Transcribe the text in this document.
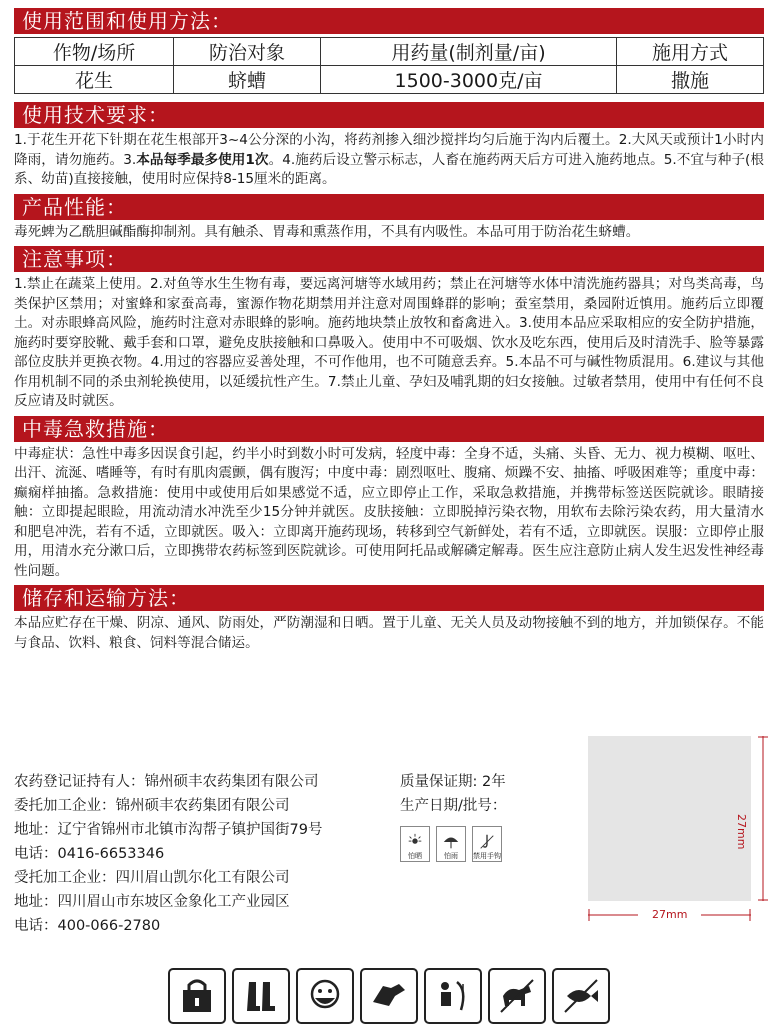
使用范围和使用方法：
作物/场所	防治对象	用药量(制剂量/亩)	施用方式
花生	蛴螬	1500-3000克/亩	撒施
使用技术要求：
1.于花生开花下针期在花生根部开3~4公分深的小沟，将药剂掺入细沙搅拌均匀后施于沟内后覆土。2.大风天或预计1小时内降雨，请勿施药。3.本品每季最多使用1次。4.施药后设立警示标志，人畜在施药两天后方可进入施药地点。5.不宜与种子(根系、幼苗)直接接触，使用时应保持8-15厘米的距离。
产品性能：
毒死蜱为乙酰胆碱酯酶抑制剂。具有触杀、胃毒和熏蒸作用，不具有内吸性。本品可用于防治花生蛴螬。
注意事项：
1.禁止在蔬菜上使用。2.对鱼等水生生物有毒，要远离河塘等水域用药；禁止在河塘等水体中清洗施药器具；对鸟类高毒，鸟类保护区禁用；对蜜蜂和家蚕高毒，蜜源作物花期禁用并注意对周围蜂群的影响；蚕室禁用，桑园附近慎用。施药后立即覆土。对赤眼蜂高风险，施药时注意对赤眼蜂的影响。施药地块禁止放牧和畜禽进入。3.使用本品应采取相应的安全防护措施，施药时要穿胶靴、戴手套和口罩，避免皮肤接触和口鼻吸入。使用中不可吸烟、饮水及吃东西，使用后及时清洗手、脸等暴露部位皮肤并更换衣物。4.用过的容器应妥善处理，不可作他用，也不可随意丢弃。5.本品不可与碱性物质混用。6.建议与其他作用机制不同的杀虫剂轮换使用，以延缓抗性产生。7.禁止儿童、孕妇及哺乳期的妇女接触。过敏者禁用，使用中有任何不良反应请及时就医。
中毒急救措施：
中毒症状：急性中毒多因误食引起，约半小时到数小时可发病，轻度中毒：全身不适，头痛、头昏、无力、视力模糊、呕吐、出汗、流涎、嗜睡等，有时有肌肉震颤，偶有腹泻；中度中毒：剧烈呕吐、腹痛、烦躁不安、抽搐、呼吸困难等；重度中毒：癫痫样抽搐。急救措施：使用中或使用后如果感觉不适，应立即停止工作，采取急救措施，并携带标签送医院就诊。眼睛接触：立即提起眼睑，用流动清水冲洗至少15分钟并就医。皮肤接触：立即脱掉污染衣物，用软布去除污染农药，用大量清水和肥皂冲洗，若有不适，立即就医。吸入：立即离开施药现场，转移到空气新鲜处，若有不适，立即就医。误服：立即停止服用，用清水充分漱口后，立即携带农药标签到医院就诊。可使用阿托品或解磷定解毒。医生应注意防止病人发生迟发性神经毒性问题。
储存和运输方法：
本品应贮存在干燥、阴凉、通风、防雨处，严防潮湿和日晒。置于儿童、无关人员及动物接触不到的地方，并加锁保存。不能与食品、饮料、粮食、饲料等混合储运。
农药登记证持有人：锦州硕丰农药集团有限公司
委托加工企业：锦州硕丰农药集团有限公司
地址：辽宁省锦州市北镇市沟帮子镇护国街79号
电话：0416-6653346
受托加工企业：四川眉山凯尔化工有限公司
地址：四川眉山市东坡区金象化工产业园区
电话：400-066-2780
质量保证期: 2年
生产日期/批号：
怕晒	怕雨 禁用手钩
27mm
27mm
